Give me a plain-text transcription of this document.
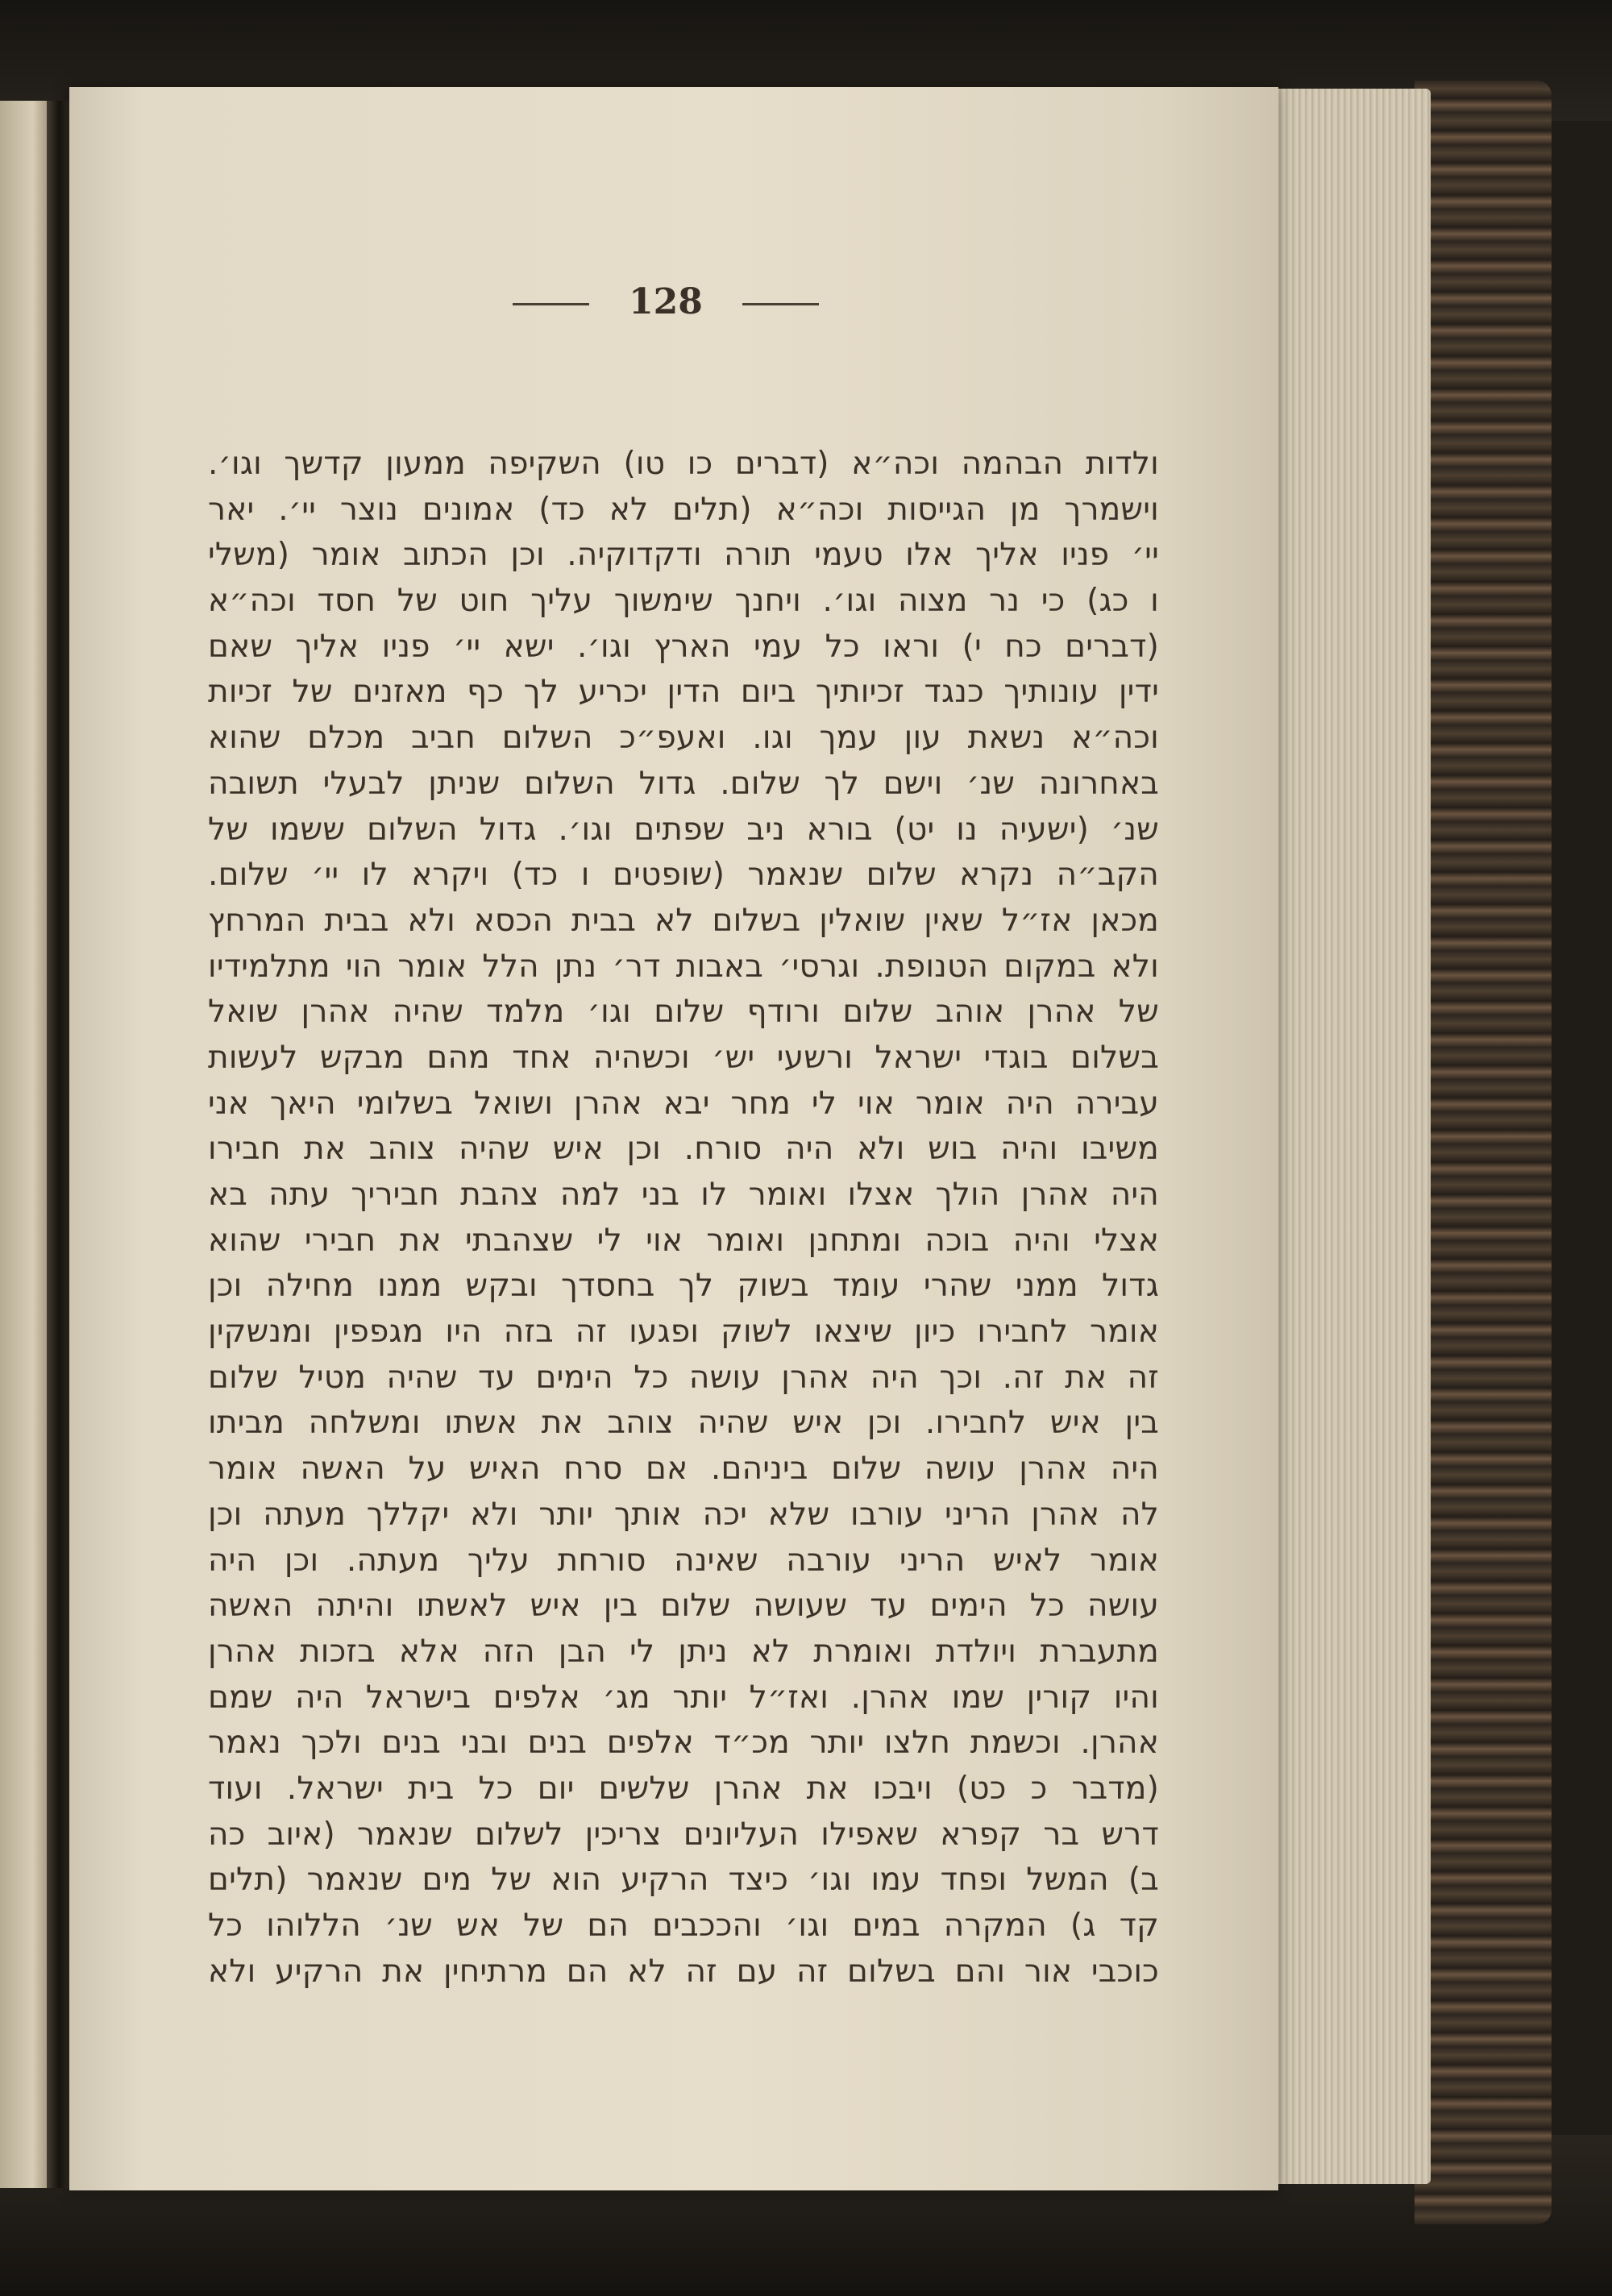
128
ולדות הבהמה וכה״א (דברים כו טו) השקיפה ממעון קדשך וגו׳.
וישמרך מן הגייסות וכה״א (תלים לא כד) אמונים נוצר יי׳. יאר
יי׳ פניו אליך אלו טעמי תורה ודקדוקיה. וכן הכתוב אומר (משלי
ו כג) כי נר מצוה וגו׳. ויחנך שימשוך עליך חוט של חסד וכה״א
(דברים כח י) וראו כל עמי הארץ וגו׳. ישא יי׳ פניו אליך שאם
ידין עונותיך כנגד זכיותיך ביום הדין יכריע לך כף מאזנים של זכיות
וכה״א נשאת עון עמך וגו. ואעפ״כ השלום חביב מכלם שהוא
באחרונה שנ׳ וישם לך שלום. גדול השלום שניתן לבעלי תשובה
שנ׳ (ישעיה נו יט) בורא ניב שפתים וגו׳. גדול השלום ששמו של
הקב״ה נקרא שלום שנאמר (שופטים ו כד) ויקרא לו יי׳ שלום.
מכאן אז״ל שאין שואלין בשלום לא בבית הכסא ולא בבית המרחץ
ולא במקום הטנופת. וגרסי׳ באבות דר׳ נתן הלל אומר הוי מתלמידיו
של אהרן אוהב שלום ורודף שלום וגו׳ מלמד שהיה אהרן שואל
בשלום בוגדי ישראל ורשעי יש׳ וכשהיה אחד מהם מבקש לעשות
עבירה היה אומר אוי לי מחר יבא אהרן ושואל בשלומי היאך אני
משיבו והיה בוש ולא היה סורח. וכן איש שהיה צוהב את חבירו
היה אהרן הולך אצלו ואומר לו בני למה צהבת חביריך עתה בא
אצלי והיה בוכה ומתחנן ואומר אוי לי שצהבתי את חבירי שהוא
גדול ממני שהרי עומד בשוק לך בחסדך ובקש ממנו מחילה וכן
אומר לחבירו כיון שיצאו לשוק ופגעו זה בזה היו מגפפין ומנשקין
זה את זה. וכך היה אהרן עושה כל הימים עד שהיה מטיל שלום
בין איש לחבירו. וכן איש שהיה צוהב את אשתו ומשלחה מביתו
היה אהרן עושה שלום ביניהם. אם סרח האיש על האשה אומר
לה אהרן הריני עורבו שלא יכה אותך יותר ולא יקללך מעתה וכן
אומר לאיש הריני עורבה שאינה סורחת עליך מעתה. וכן היה
עושה כל הימים עד שעושה שלום בין איש לאשתו והיתה האשה
מתעברת ויולדת ואומרת לא ניתן לי הבן הזה אלא בזכות אהרן
והיו קורין שמו אהרן. ואז״ל יותר מג׳ אלפים בישראל היה שמם
אהרן. וכשמת חלצו יותר מכ״ד אלפים בנים ובני בנים ולכך נאמר
(מדבר כ כט) ויבכו את אהרן שלשים יום כל בית ישראל. ועוד
דרש בר קפרא שאפילו העליונים צריכין לשלום שנאמר (איוב כה
ב) המשל ופחד עמו וגו׳ כיצד הרקיע הוא של מים שנאמר (תלים
קד ג) המקרה במים וגו׳ והככבים הם של אש שנ׳ הללוהו כל
כוכבי אור והם בשלום זה עם זה לא הם מרתיחין את הרקיע ולא
